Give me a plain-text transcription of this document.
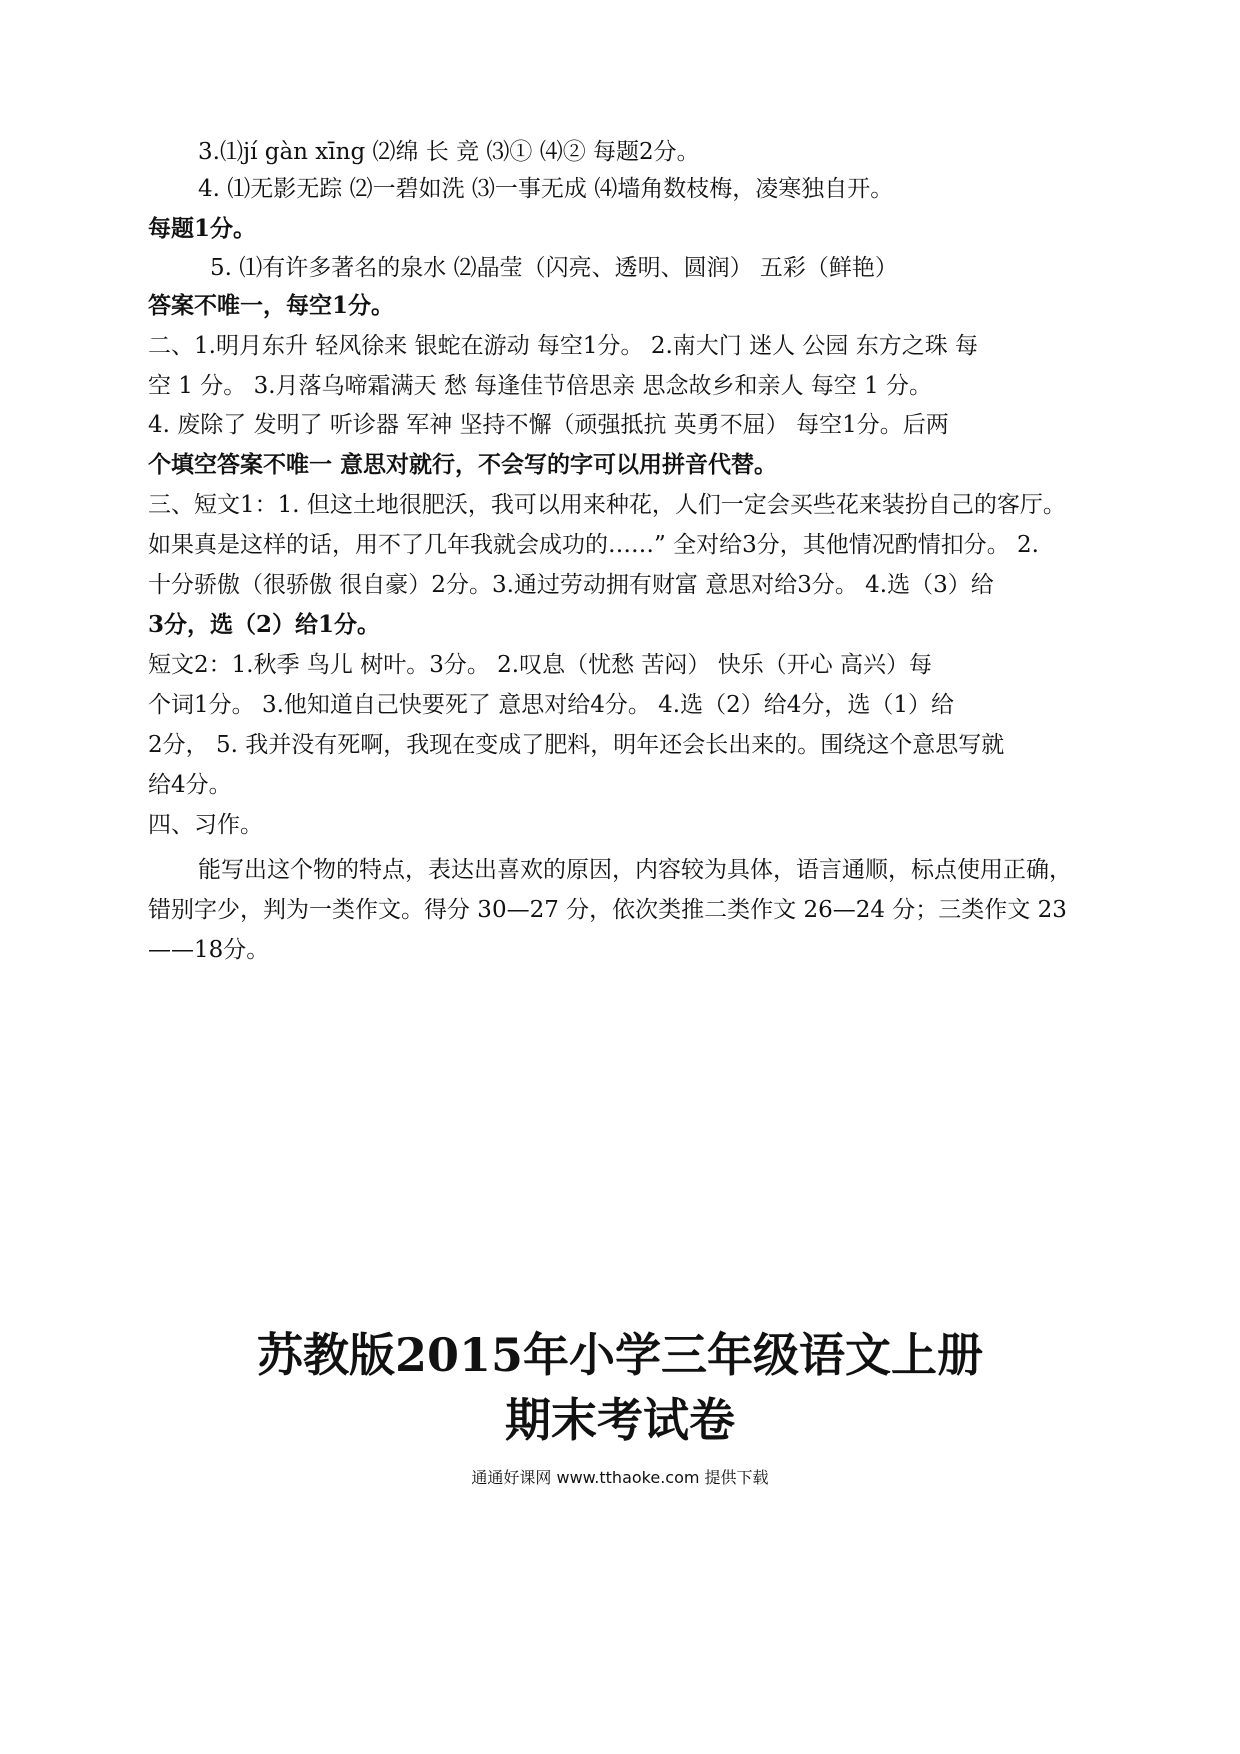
3.⑴jí gàn xīng ⑵绵 长 竞 ⑶① ⑷② 每题2分。
4. ⑴无影无踪 ⑵一碧如洗 ⑶一事无成 ⑷墙角数枝梅，凌寒独自开。
每题1分。
5. ⑴有许多著名的泉水 ⑵晶莹（闪亮、透明、圆润） 五彩（鲜艳）
答案不唯一，每空1分。
二、1.明月东升 轻风徐来 银蛇在游动 每空1分。 2.南大门 迷人 公园 东方之珠 每
空 1 分。 3.月落乌啼霜满天 愁 每逢佳节倍思亲 思念故乡和亲人 每空 1 分。
4. 废除了 发明了 听诊器 军神 坚持不懈（顽强抵抗 英勇不屈） 每空1分。后两
个填空答案不唯一 意思对就行，不会写的字可以用拼音代替。
三、短文1：1. 但这土地很肥沃，我可以用来种花，人们一定会买些花来装扮自己的客厅。
如果真是这样的话，用不了几年我就会成功的……” 全对给3分，其他情况酌情扣分。 2.
十分骄傲（很骄傲 很自豪）2分。3.通过劳动拥有财富 意思对给3分。 4.选（3）给
3分，选（2）给1分。
短文2：1.秋季 鸟儿 树叶。3分。 2.叹息（忧愁 苦闷） 快乐（开心 高兴）每
个词1分。 3.他知道自己快要死了 意思对给4分。 4.选（2）给4分，选（1）给
2分， 5. 我并没有死啊，我现在变成了肥料，明年还会长出来的。围绕这个意思写就
给4分。
四、习作。
能写出这个物的特点，表达出喜欢的原因，内容较为具体，语言通顺，标点使用正确，
错别字少，判为一类作文。得分 30—27 分，依次类推二类作文 26—24 分；三类作文 23
——18分。
苏教版2015年小学三年级语文上册
期末考试卷
通通好课网 www.tthaoke.com 提供下载
